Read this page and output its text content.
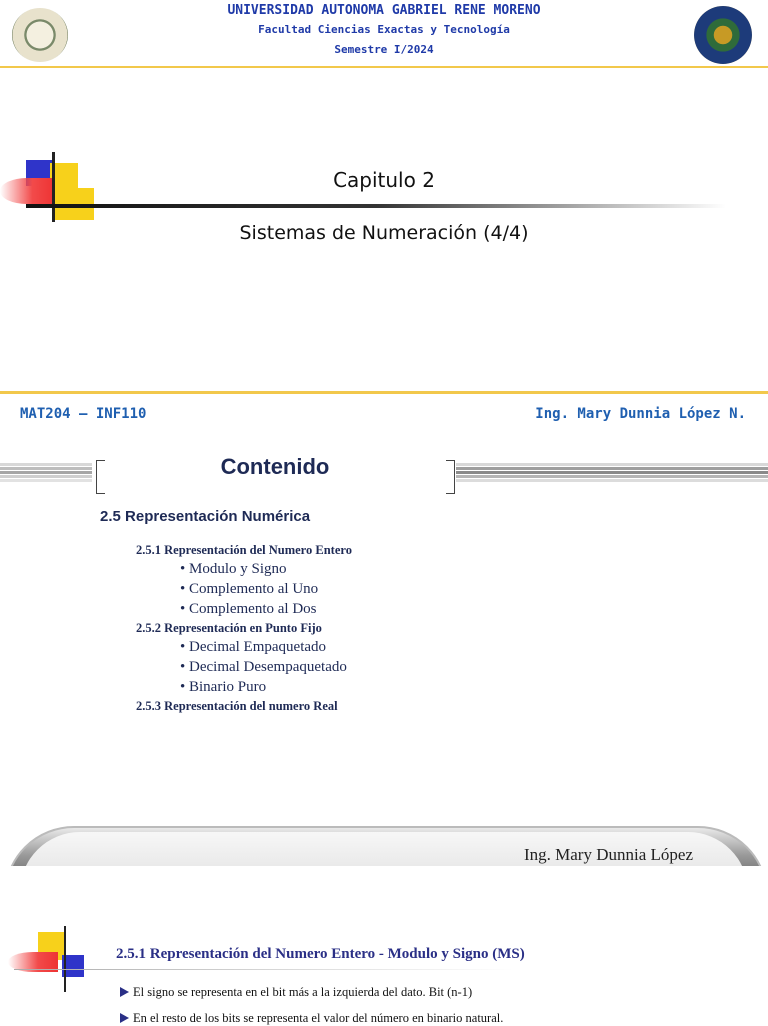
UNIVERSIDAD AUTONOMA GABRIEL RENE MORENO
Facultad Ciencias Exactas y Tecnología
Semestre I/2024
Capitulo 2
Sistemas de Numeración (4/4)
MAT204 – INF110	Ing. Mary Dunnia López N.
Contenido
2.5 Representación Numérica
2.5.1 Representación del Numero Entero
• Modulo y Signo
• Complemento al Uno
• Complemento al Dos
2.5.2 Representación en Punto Fijo
• Decimal Empaquetado
• Decimal Desempaquetado
• Binario Puro
2.5.3 Representación del numero Real
Ing. Mary Dunnia López
2.5.1 Representación del Numero Entero - Modulo y Signo (MS)
El signo se representa en el bit más a la izquierda del dato. Bit (n-1)
En el resto de los bits se representa el valor del número en binario natural.
